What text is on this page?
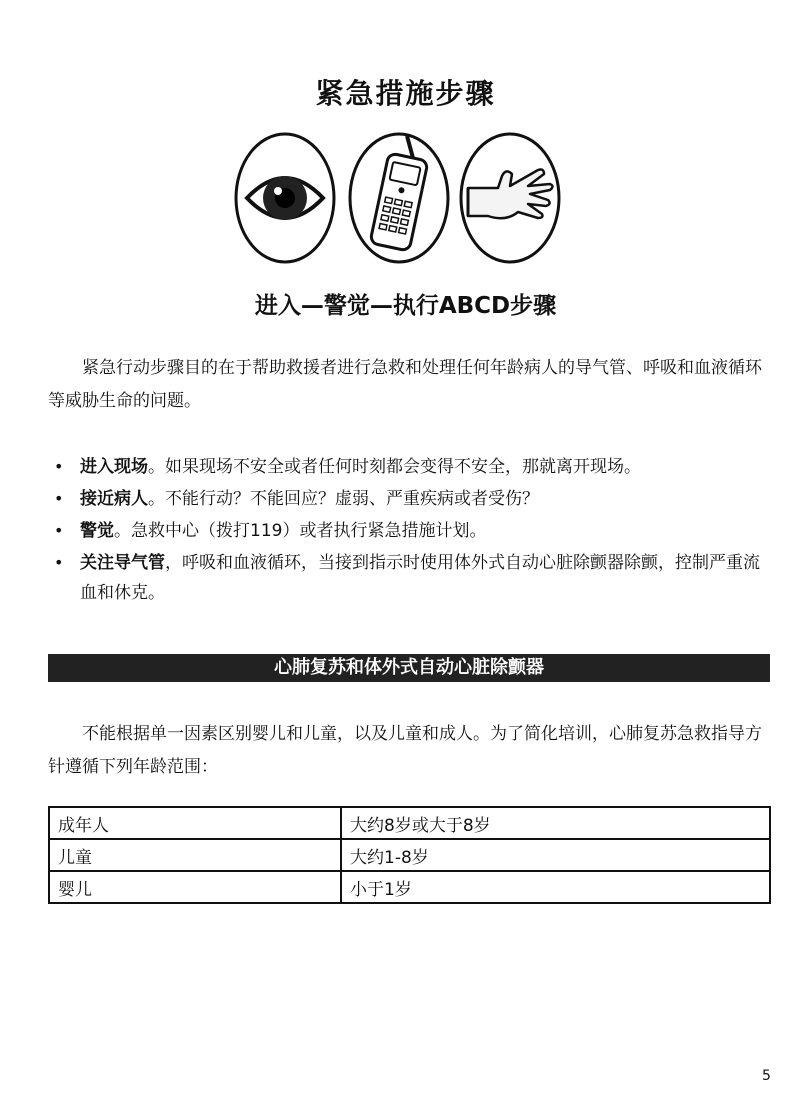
紧急措施步骤
进入—警觉—执行ABCD步骤

紧急行动步骤目的在于帮助救援者进行急救和处理任何年龄病人的导气管、呼吸和血液循环等威胁生命的问题。

• 进入现场。如果现场不安全或者任何时刻都会变得不安全，那就离开现场。
• 接近病人。不能行动？不能回应？虚弱、严重疾病或者受伤？
• 警觉。急救中心（拨打119）或者执行紧急措施计划。
• 关注导气管，呼吸和血液循环，当接到指示时使用体外式自动心脏除颤器除颤，控制严重流血和休克。
心肺复苏和体外式自动心脏除颤器

不能根据单一因素区别婴儿和儿童，以及儿童和成人。为了简化培训，心肺复苏急救指导方针遵循下列年龄范围：

成年人	大约8岁或大于8岁
儿童	大约1-8岁
婴儿	小于1岁
5
